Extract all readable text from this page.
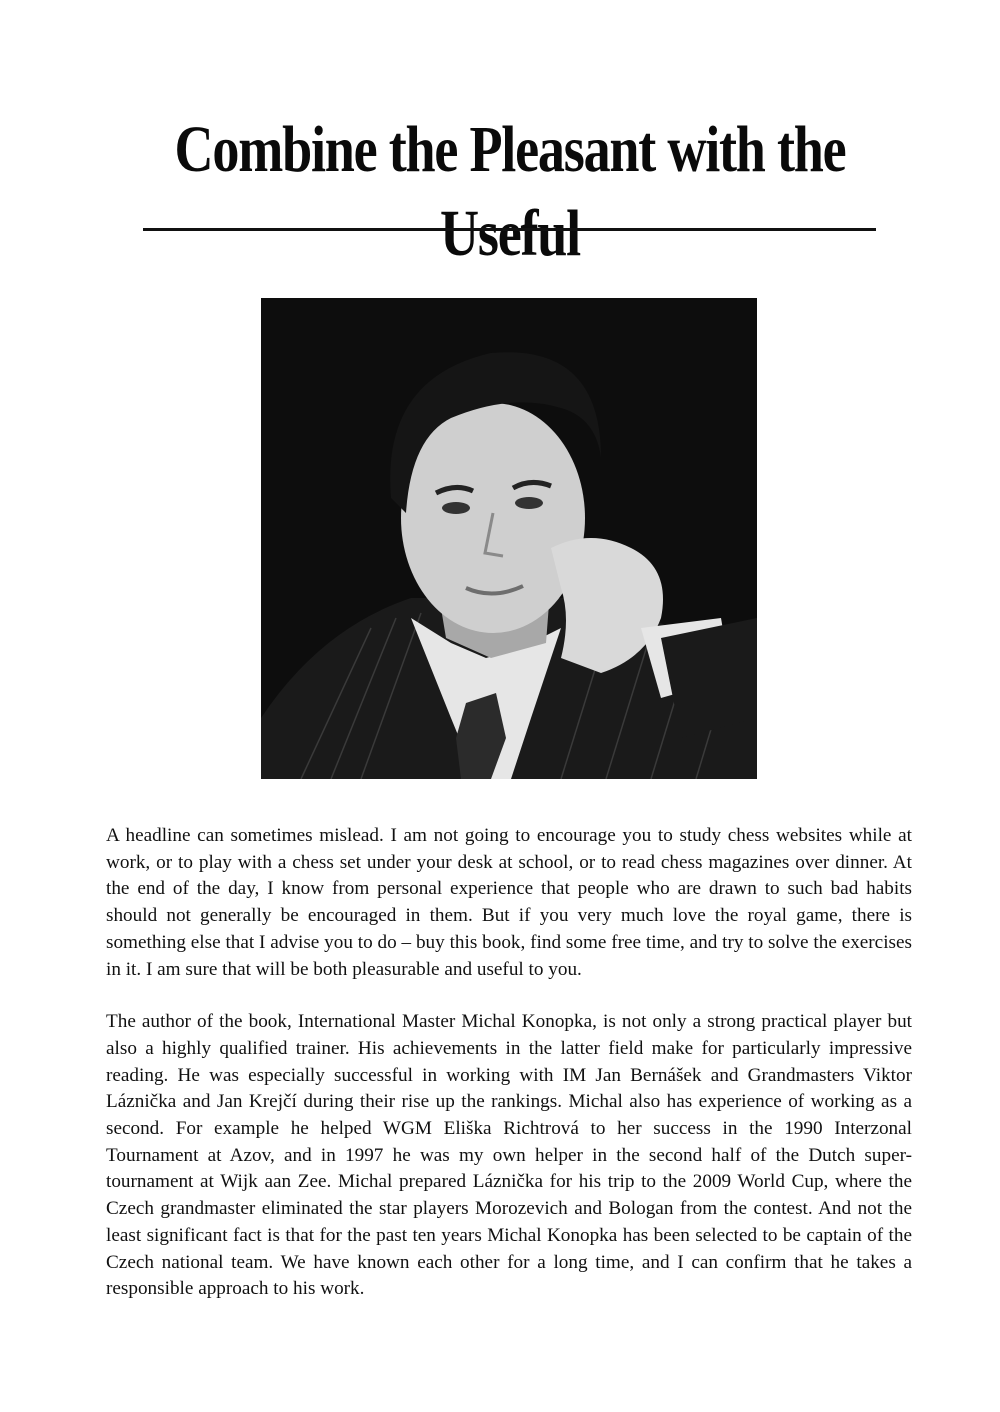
Combine the Pleasant with the Useful

A headline can sometimes mislead. I am not going to encourage you to study chess websites while at work, or to play with a chess set under your desk at school, or to read chess magazines over dinner. At the end of the day, I know from personal experience that people who are drawn to such bad habits should not generally be encouraged in them. But if you very much love the royal game, there is something else that I advise you to do – buy this book, find some free time, and try to solve the exercises in it. I am sure that will be both pleasurable and useful to you.

The author of the book, International Master Michal Konopka, is not only a strong practical player but also a highly qualified trainer. His achievements in the latter field make for particularly impressive reading. He was especially successful in working with IM Jan Bernášek and Grandmasters Viktor Láznička and Jan Krejčí during their rise up the rankings. Michal also has experience of working as a second. For example he helped WGM Eliška Richtrová to her success in the 1990 Interzonal Tournament at Azov, and in 1997 he was my own helper in the second half of the Dutch super-tournament at Wijk aan Zee. Michal prepared Láznička for his trip to the 2009 World Cup, where the Czech grandmaster eliminated the star players Morozevich and Bologan from the contest. And not the least significant fact is that for the past ten years Michal Konopka has been selected to be captain of the Czech national team. We have known each other for a long time, and I can confirm that he takes a responsible approach to his work.
